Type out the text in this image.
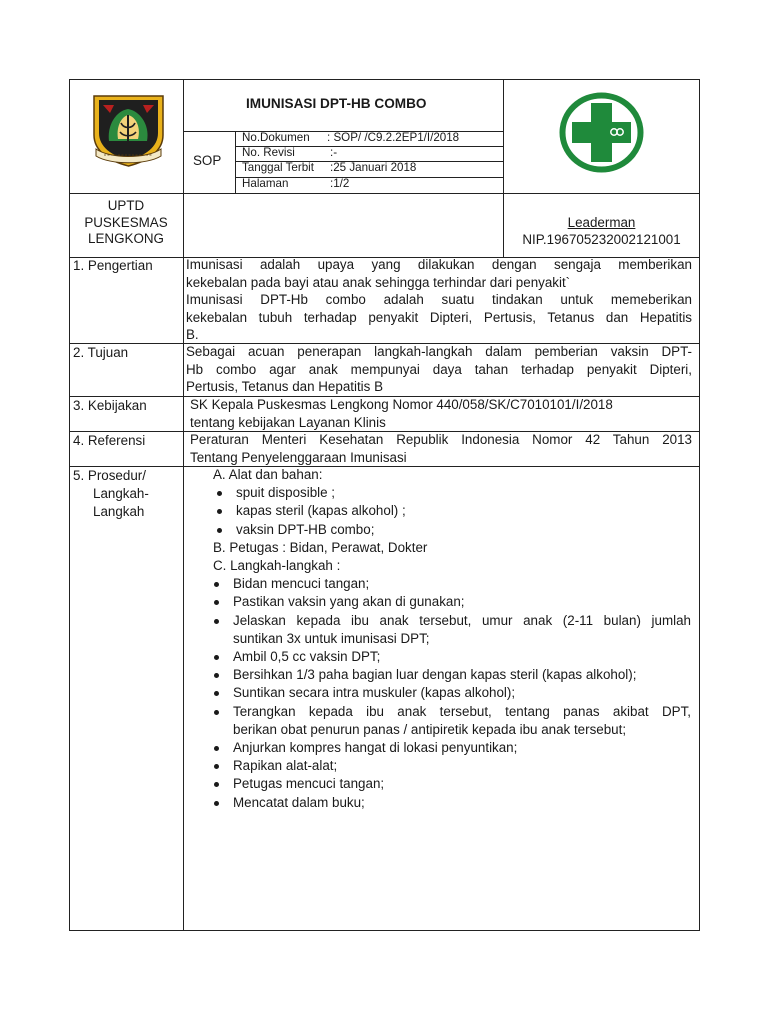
IMUNISASI DPT-HB COMBO
SOP
No.Dokumen : SOP/ /C9.2.2EP1/I/2018
No. Revisi	:-
Tanggal Terbit :25 Januari 2018
Halaman	:1/2
UPTD
PUSKESMAS
LENGKONG
Leaderman
NIP.196705232002121001
1. Pengertian Imunisasi adalah upaya yang dilakukan dengan sengaja memberikan
kekebalan pada bayi atau anak sehingga terhindar dari penyakit`
Imunisasi DPT-Hb combo adalah suatu tindakan untuk memeberikan
kekebalan tubuh terhadap penyakit Dipteri, Pertusis, Tetanus dan Hepatitis
B.
2. Tujuan	Sebagai acuan penerapan langkah-langkah dalam pemberian vaksin DPT-
Hb combo agar anak mempunyai daya tahan terhadap penyakit Dipteri,
Pertusis, Tetanus dan Hepatitis B
3. Kebijakan	SK Kepala Puskesmas Lengkong Nomor 440/058/SK/C7010101/I/2018
tentang kebijakan Layanan Klinis
4. Referensi	Peraturan Menteri Kesehatan Republik Indonesia Nomor 42 Tahun 2013
Tentang Penyelenggaraan Imunisasi
5. Prosedur/
Langkah-
Langkah
A. Alat dan bahan:
spuit disposible ;
kapas steril (kapas alkohol) ;
vaksin DPT-HB combo;
B. Petugas : Bidan, Perawat, Dokter
C. Langkah-langkah :
Bidan mencuci tangan;
Pastikan vaksin yang akan di gunakan;
Jelaskan kepada ibu anak tersebut, umur anak (2-11 bulan) jumlah
suntikan 3x untuk imunisasi DPT;
Ambil 0,5 cc vaksin DPT;
Bersihkan 1/3 paha bagian luar dengan kapas steril (kapas alkohol);
Suntikan secara intra muskuler (kapas alkohol);
Terangkan kepada ibu anak tersebut, tentang panas akibat DPT,
berikan obat penurun panas / antipiretik kepada ibu anak tersebut;
Anjurkan kompres hangat di lokasi penyuntikan;
Rapikan alat-alat;
Petugas mencuci tangan;
Mencatat dalam buku;
